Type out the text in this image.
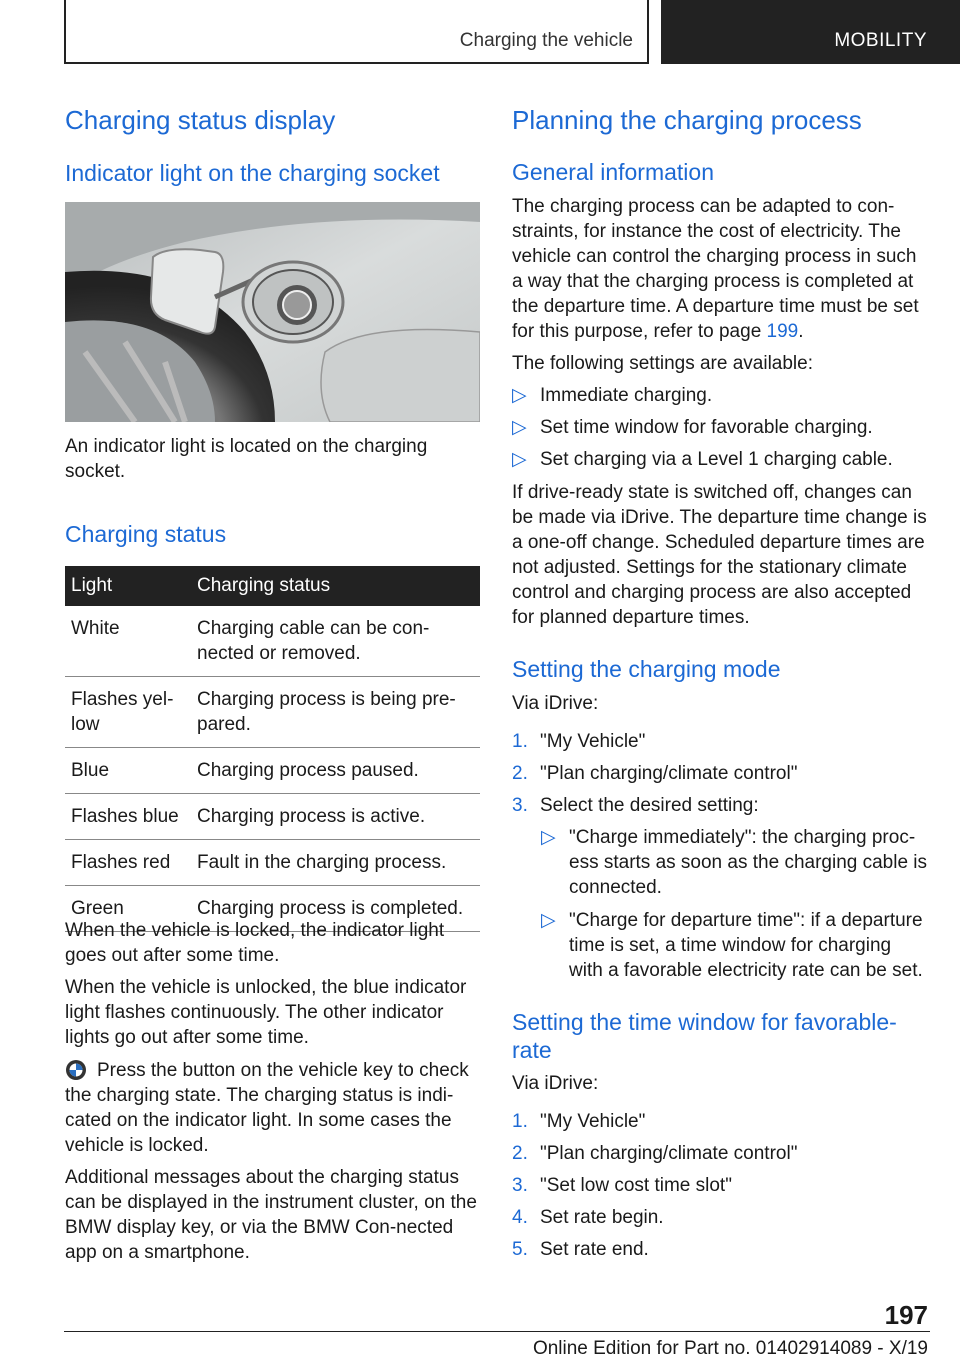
Charging the vehicle	MOBILITY
Charging status display
Indicator light on the charging socket

An indicator light is located on the charging socket.

Charging status
Light	Charging status
White	Charging cable can be con-nected or removed.
Flashes yel-low	Charging process is being pre-pared.
Blue	Charging process paused.
Flashes blue	Charging process is active.
Flashes red	Fault in the charging process.
Green	Charging process is completed.

When the vehicle is locked, the indicator light goes out after some time.

When the vehicle is unlocked, the blue indicator light flashes continuously. The other indicator lights go out after some time.

Press the button on the vehicle key to check the charging state. The charging status is indi-cated on the indicator light. In some cases the vehicle is locked.

Additional messages about the charging status can be displayed in the instrument cluster, on the BMW display key, or via the BMW Con-nected app on a smartphone.

Planning the charging process
General information

The charging process can be adapted to con-straints, for instance the cost of electricity. The vehicle can control the charging process in such a way that the charging process is completed at the departure time. A departure time must be set for this purpose, refer to page 199.

The following settings are available:

▷ Immediate charging.
▷ Set time window for favorable charging.
▷ Set charging via a Level 1 charging cable.

If drive-ready state is switched off, changes can be made via iDrive. The departure time change is a one-off change. Scheduled departure times are not adjusted. Settings for the stationary climate control and charging process are also accepted for planned departure times.

Setting the charging mode

Via iDrive:

1. "My Vehicle"
2. "Plan charging/climate control"
3. Select the desired setting:
▷ "Charge immediately": the charging proc-ess starts as soon as the charging cable is connected.
▷ "Charge for departure time": if a departure time is set, a time window for charging with a favorable electricity rate can be set.
Setting the time window for favorable-rate

Via iDrive:

1. "My Vehicle"
2. "Plan charging/climate control"
3. "Set low cost time slot"
4. Set rate begin.
5. Set rate end.
197
Online Edition for Part no. 01402914089 - X/19
